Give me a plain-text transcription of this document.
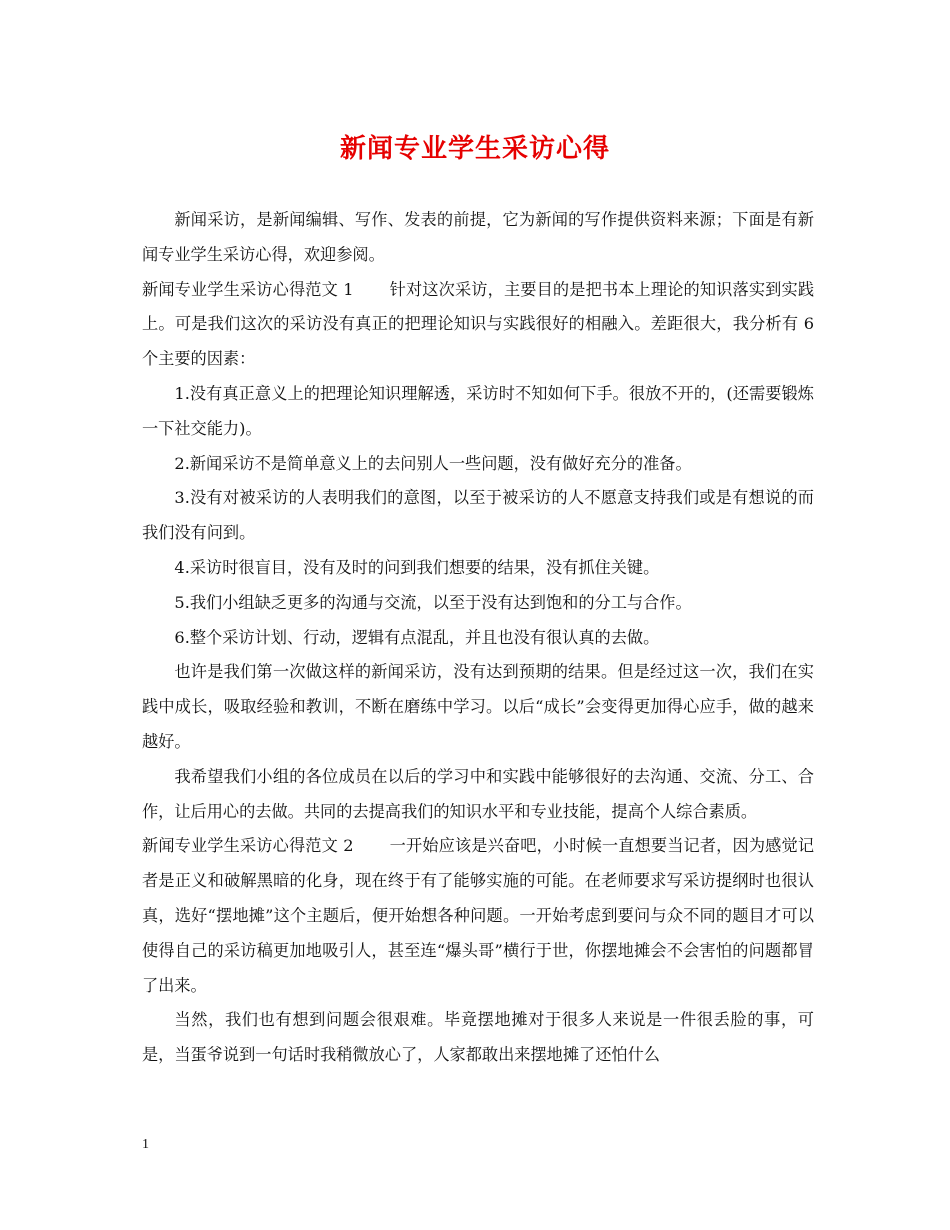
新闻专业学生采访心得

新闻采访，是新闻编辑、写作、发表的前提，它为新闻的写作提供资料来源；下面是有新闻专业学生采访心得，欢迎参阅。

新闻专业学生采访心得范文 1 针对这次采访，主要目的是把书本上理论的知识落实到实践上。可是我们这次的采访没有真正的把理论知识与实践很好的相融入。差距很大，我分析有 6 个主要的因素：

1.没有真正意义上的把理论知识理解透，采访时不知如何下手。很放不开的，(还需要锻炼一下社交能力)。

2.新闻采访不是简单意义上的去问别人一些问题，没有做好充分的准备。

3.没有对被采访的人表明我们的意图，以至于被采访的人不愿意支持我们或是有想说的而我们没有问到。

4.采访时很盲目，没有及时的问到我们想要的结果，没有抓住关键。

5.我们小组缺乏更多的沟通与交流，以至于没有达到饱和的分工与合作。

6.整个采访计划、行动，逻辑有点混乱，并且也没有很认真的去做。

也许是我们第一次做这样的新闻采访，没有达到预期的结果。但是经过这一次，我们在实践中成长，吸取经验和教训，不断在磨练中学习。以后“成长”会变得更加得心应手，做的越来越好。

我希望我们小组的各位成员在以后的学习中和实践中能够很好的去沟通、交流、分工、合作，让后用心的去做。共同的去提高我们的知识水平和专业技能，提高个人综合素质。

新闻专业学生采访心得范文 2 一开始应该是兴奋吧，小时候一直想要当记者，因为感觉记者是正义和破解黑暗的化身，现在终于有了能够实施的可能。在老师要求写采访提纲时也很认真，选好“摆地摊”这个主题后，便开始想各种问题。一开始考虑到要问与众不同的题目才可以使得自己的采访稿更加地吸引人，甚至连“爆头哥”横行于世，你摆地摊会不会害怕的问题都冒了出来。

当然，我们也有想到问题会很艰难。毕竟摆地摊对于很多人来说是一件很丢脸的事，可是，当蛋爷说到一句话时我稍微放心了，人家都敢出来摆地摊了还怕什么

1
